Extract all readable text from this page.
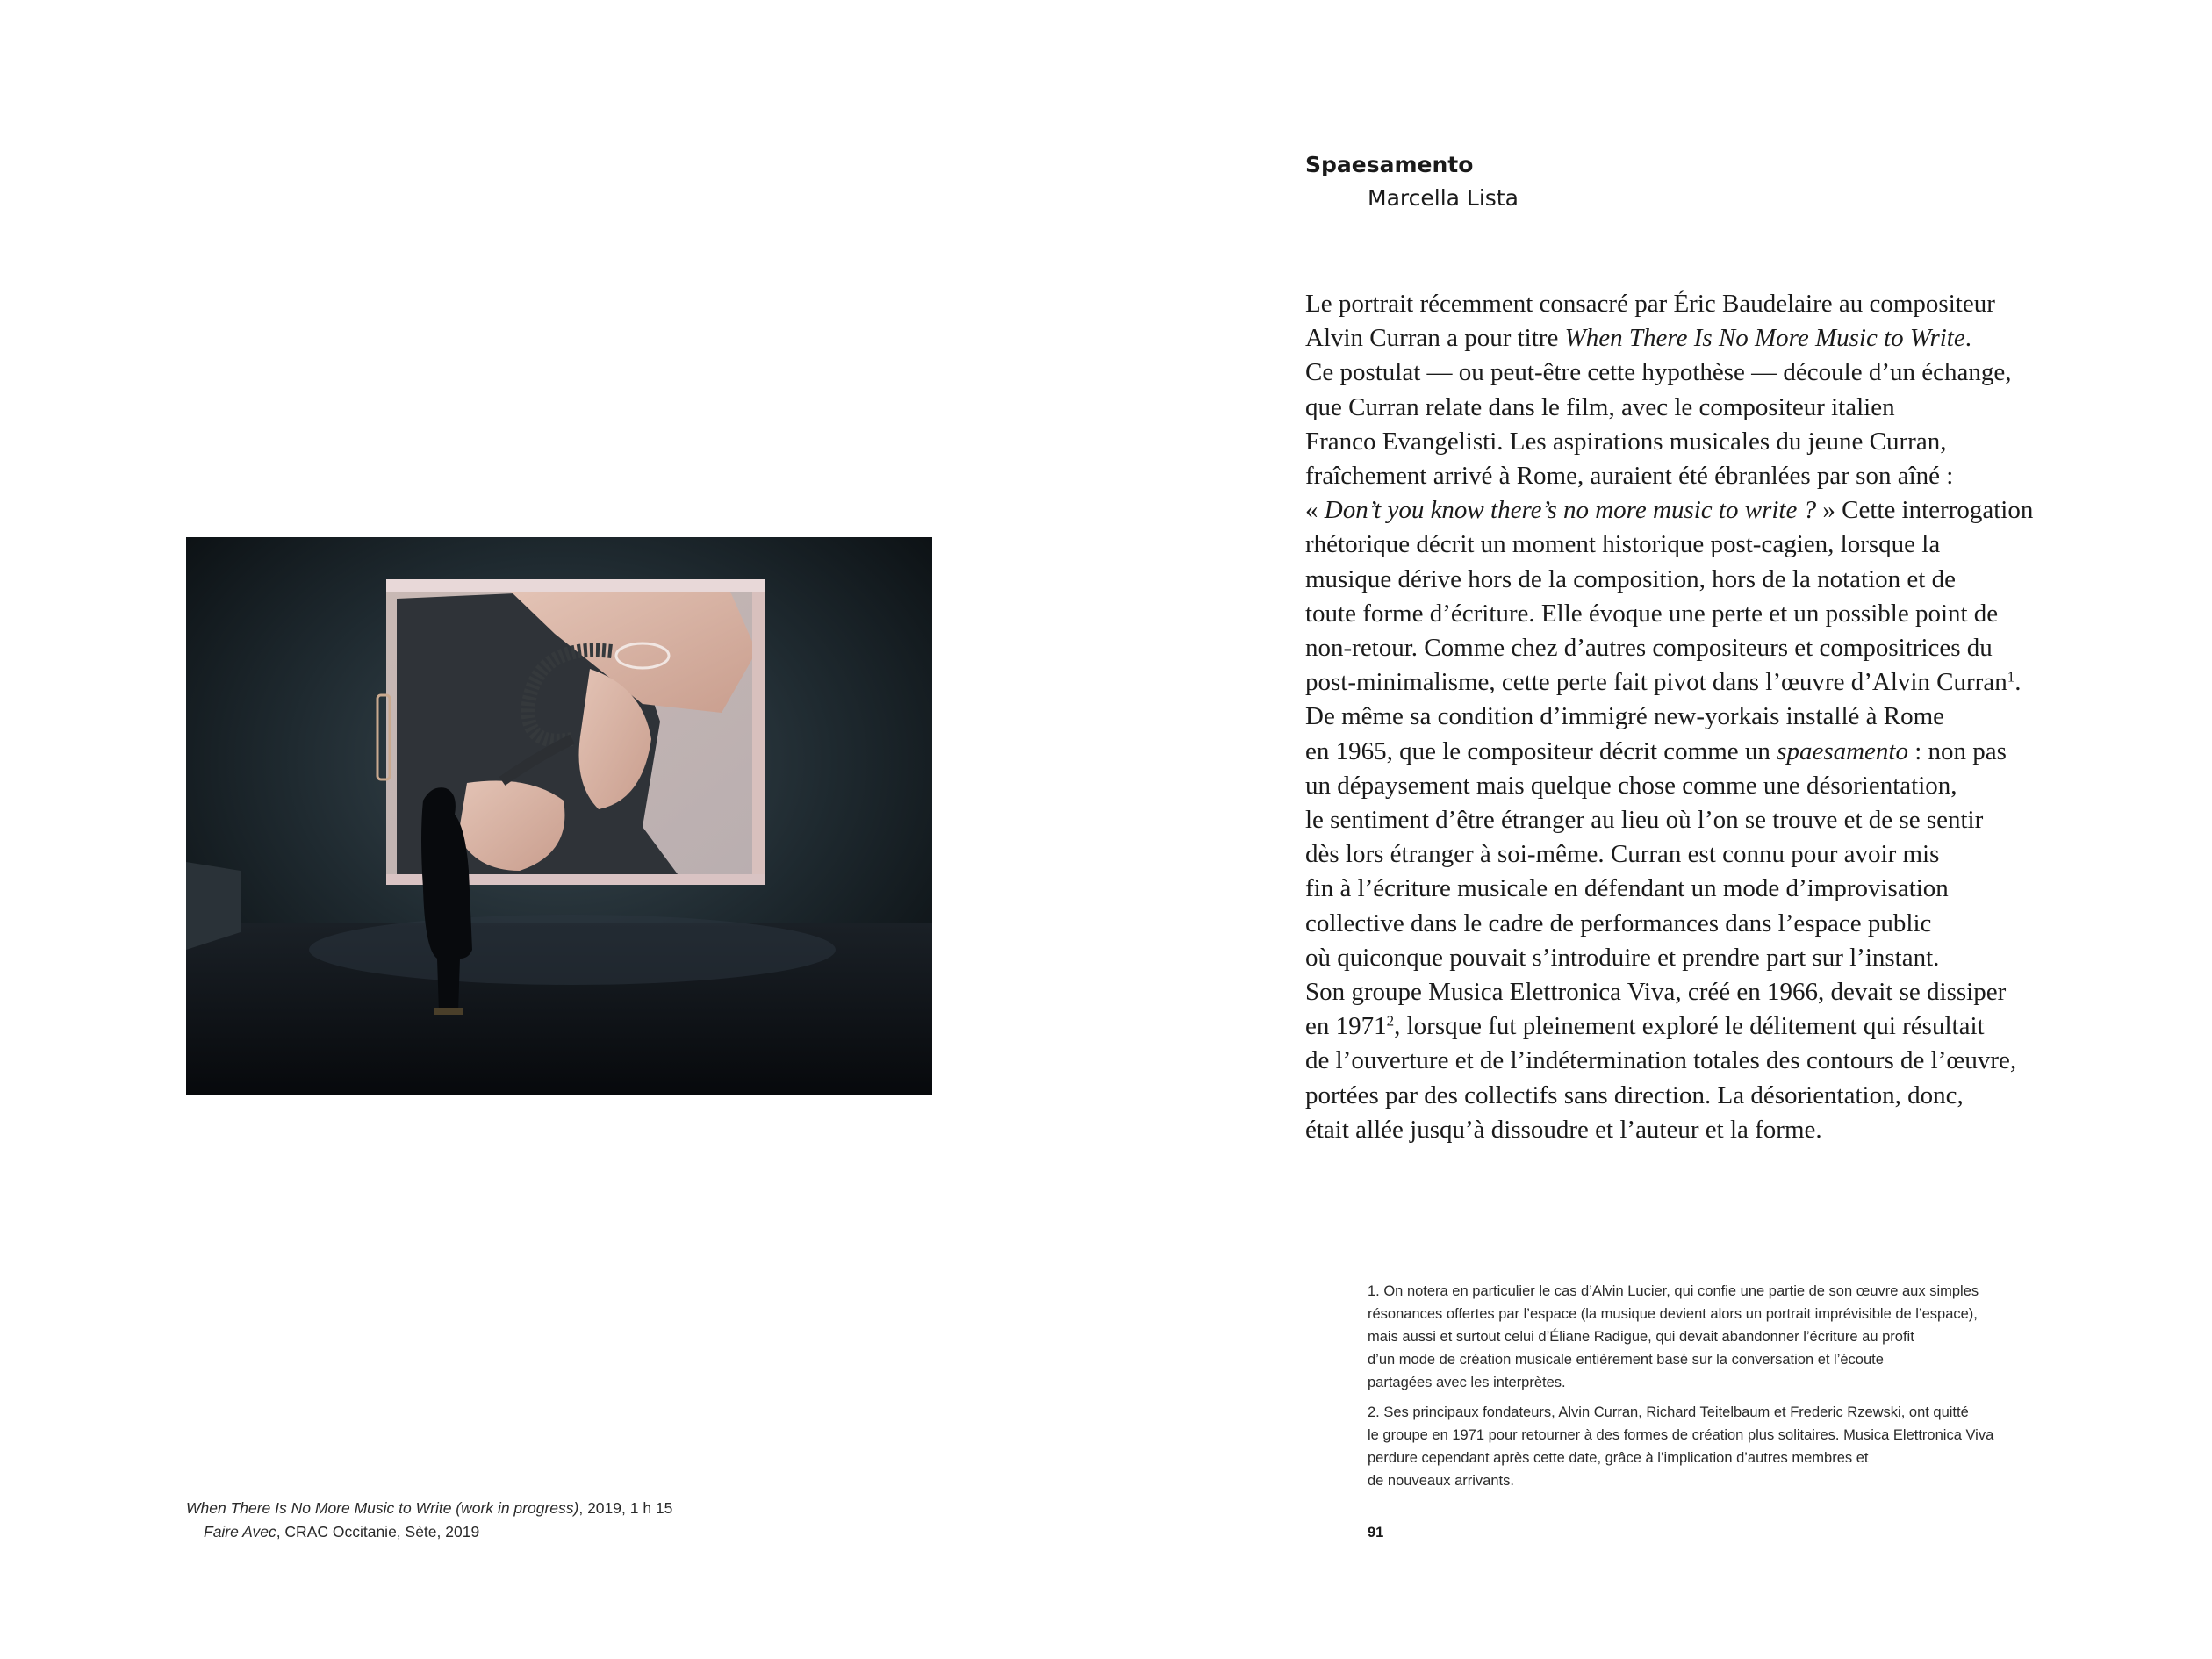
When There Is No More Music to Write (work in progress), 2019, 1 h 15
Faire Avec, CRAC Occitanie, Sète, 2019
Spaesamento
Marcella Lista
Le portrait récemment consacré par Éric Baudelaire au compositeur
Alvin Curran a pour titre When There Is No More Music to Write.
Ce postulat — ou peut-être cette hypothèse — découle d’un échange,
que Curran relate dans le film, avec le compositeur italien
Franco Evangelisti. Les aspirations musicales du jeune Curran,
fraîchement arrivé à Rome, auraient été ébranlées par son aîné :
« Don’t you know there’s no more music to write ? » Cette interrogation
rhétorique décrit un moment historique post-cagien, lorsque la
musique dérive hors de la composition, hors de la notation et de
toute forme d’écriture. Elle évoque une perte et un possible point de
non-retour. Comme chez d’autres compositeurs et compositrices du
post-minimalisme, cette perte fait pivot dans l’œuvre d’Alvin Curran$^1$.
De même sa condition d’immigré new-yorkais installé à Rome
en 1965, que le compositeur décrit comme un spaesamento : non pas
un dépaysement mais quelque chose comme une désorientation,
le sentiment d’être étranger au lieu où l’on se trouve et de se sentir
dès lors étranger à soi-même. Curran est connu pour avoir mis
fin à l’écriture musicale en défendant un mode d’improvisation
collective dans le cadre de performances dans l’espace public
où quiconque pouvait s’introduire et prendre part sur l’instant.
Son groupe Musica Elettronica Viva, créé en 1966, devait se dissiper
en 1971$^2$, lorsque fut pleinement exploré le délitement qui résultait
de l’ouverture et de l’indétermination totales des contours de l’œuvre,
portées par des collectifs sans direction. La désorientation, donc,
était allée jusqu’à dissoudre et l’auteur et la forme.
1. On notera en particulier le cas d’Alvin Lucier, qui confie une partie de son œuvre aux simples
résonances offertes par l’espace (la musique devient alors un portrait imprévisible de l’espace),
mais aussi et surtout celui d’Éliane Radigue, qui devait abandonner l’écriture au profit
d’un mode de création musicale entièrement basé sur la conversation et l’écoute
partagées avec les interprètes.
2. Ses principaux fondateurs, Alvin Curran, Richard Teitelbaum et Frederic Rzewski, ont quitté
le groupe en 1971 pour retourner à des formes de création plus solitaires. Musica Elettronica Viva
perdure cependant après cette date, grâce à l’implication d’autres membres et
de nouveaux arrivants.
91
